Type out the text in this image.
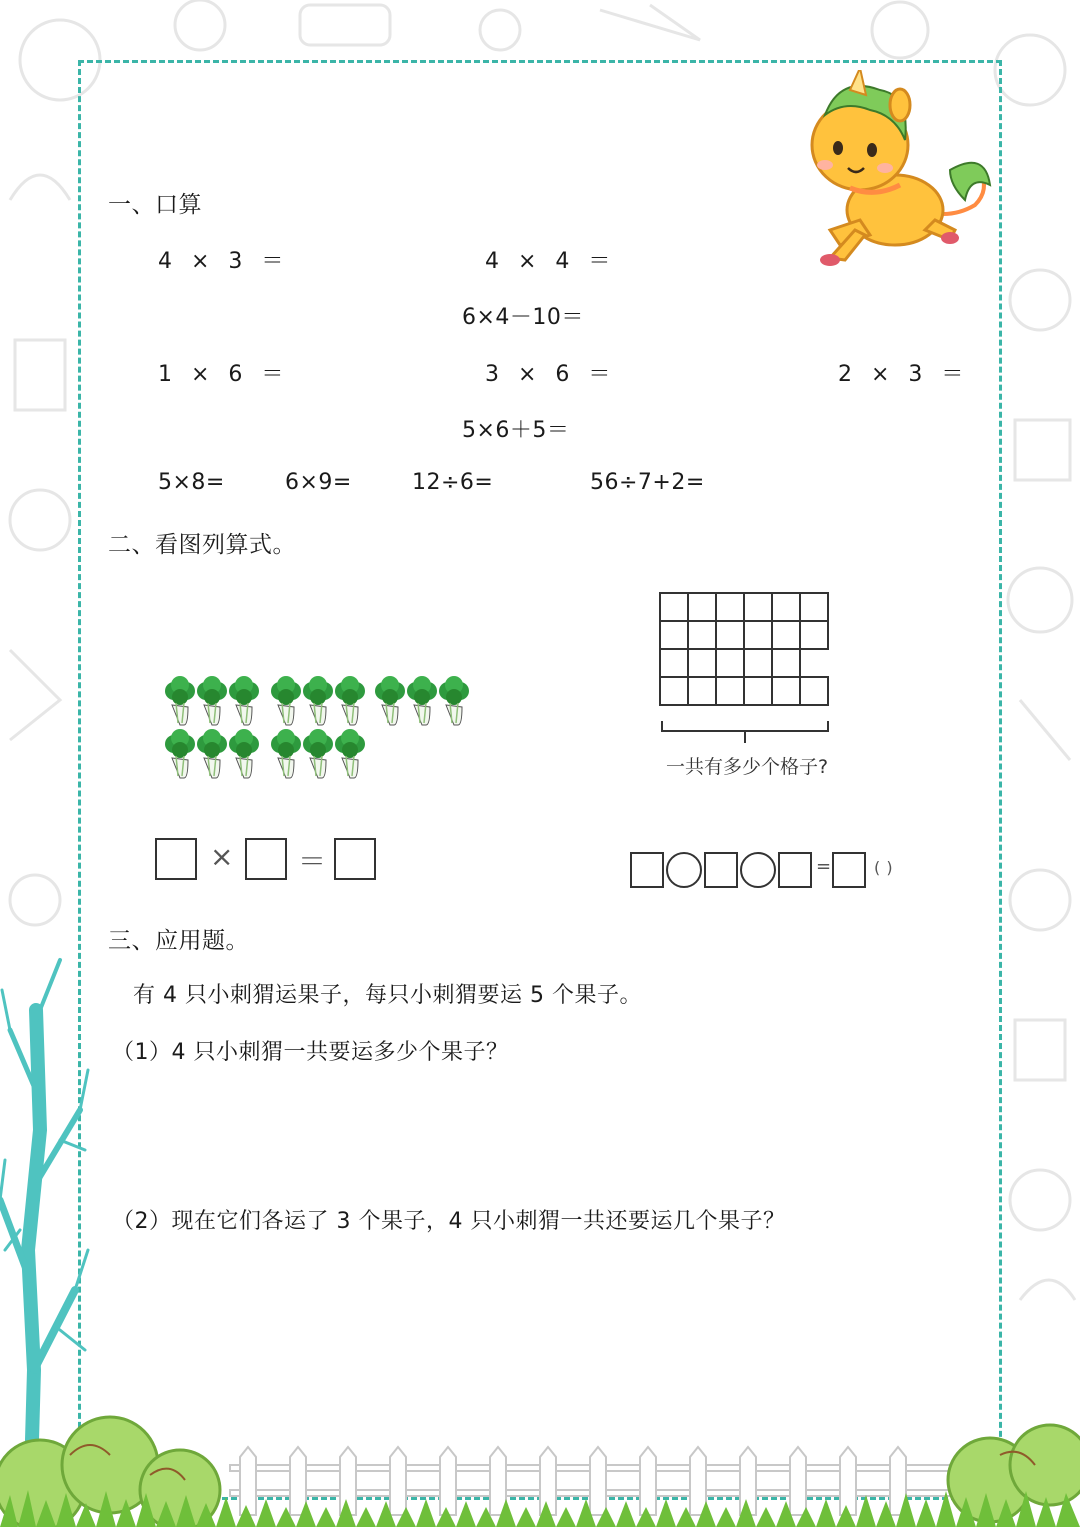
一、口算
4 × 3 ＝	4 × 4 ＝
6×4－10＝
1 × 6 ＝	3 × 6 ＝	2 × 3 ＝
5×6＋5＝
5×8=	6×9=	12÷6=	56÷7+2=
二、看图列算式。
一共有多少个格子?
× ＝	=	( )
三、应用题。
有 4 只小刺猬运果子，每只小刺猬要运 5 个果子。
（1）4 只小刺猬一共要运多少个果子？
（2）现在它们各运了 3 个果子，4 只小刺猬一共还要运几个果子？
